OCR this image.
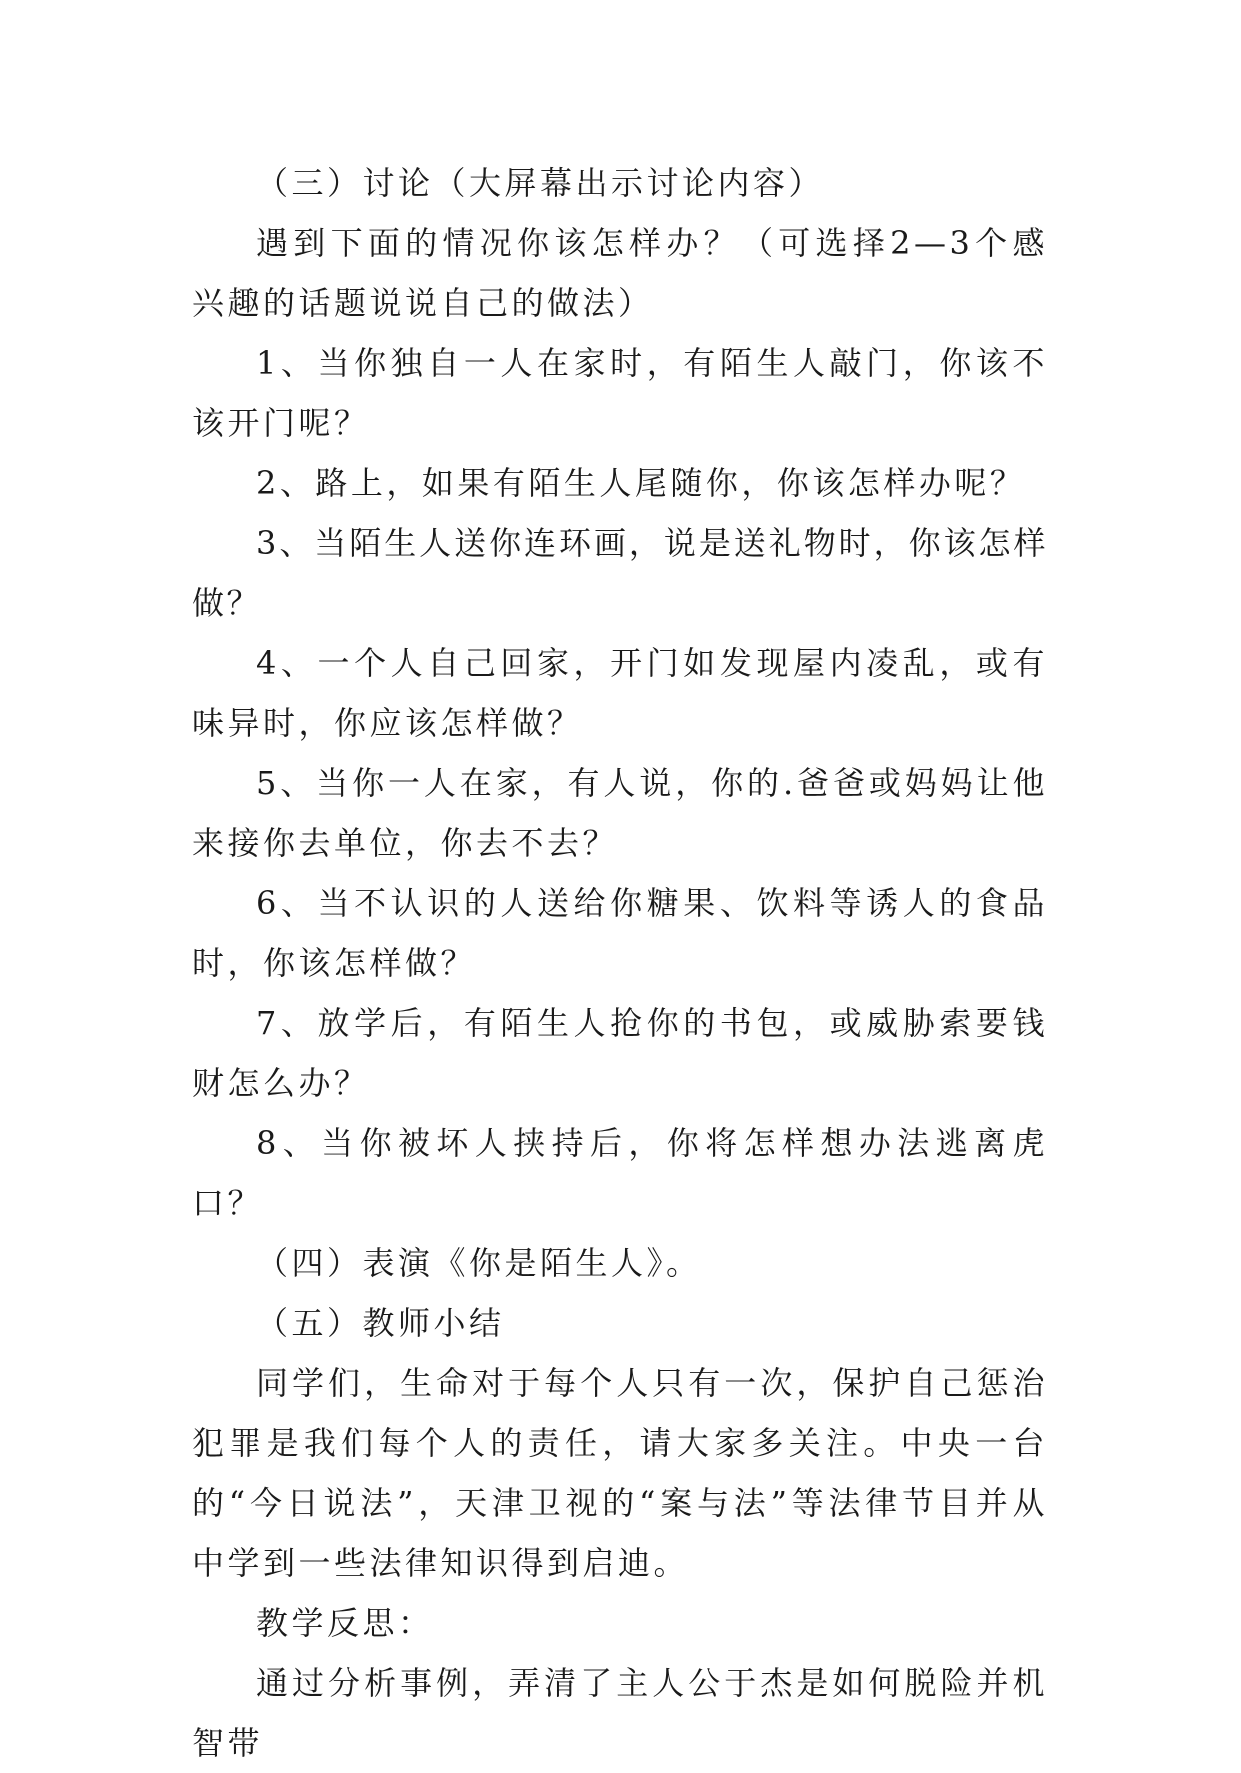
（三）讨论（大屏幕出示讨论内容）

遇到下面的情况你该怎样办？（可选择2—3个感兴趣的话题说说自己的做法）

1、当你独自一人在家时，有陌生人敲门，你该不该开门呢？

2、路上，如果有陌生人尾随你，你该怎样办呢？

3、当陌生人送你连环画，说是送礼物时，你该怎样做？

4、一个人自己回家，开门如发现屋内凌乱，或有味异时，你应该怎样做？

5、当你一人在家，有人说，你的.爸爸或妈妈让他来接你去单位，你去不去？

6、当不认识的人送给你糖果、饮料等诱人的食品时，你该怎样做？

7、放学后，有陌生人抢你的书包，或威胁索要钱财怎么办？

8、当你被坏人挟持后，你将怎样想办法逃离虎口？

（四）表演《你是陌生人》。

（五）教师小结

同学们，生命对于每个人只有一次，保护自己惩治犯罪是我们每个人的责任，请大家多关注。中央一台的“今日说法”，天津卫视的“案与法”等法律节目并从中学到一些法律知识得到启迪。

教学反思：

通过分析事例，弄清了主人公于杰是如何脱险并机智带
